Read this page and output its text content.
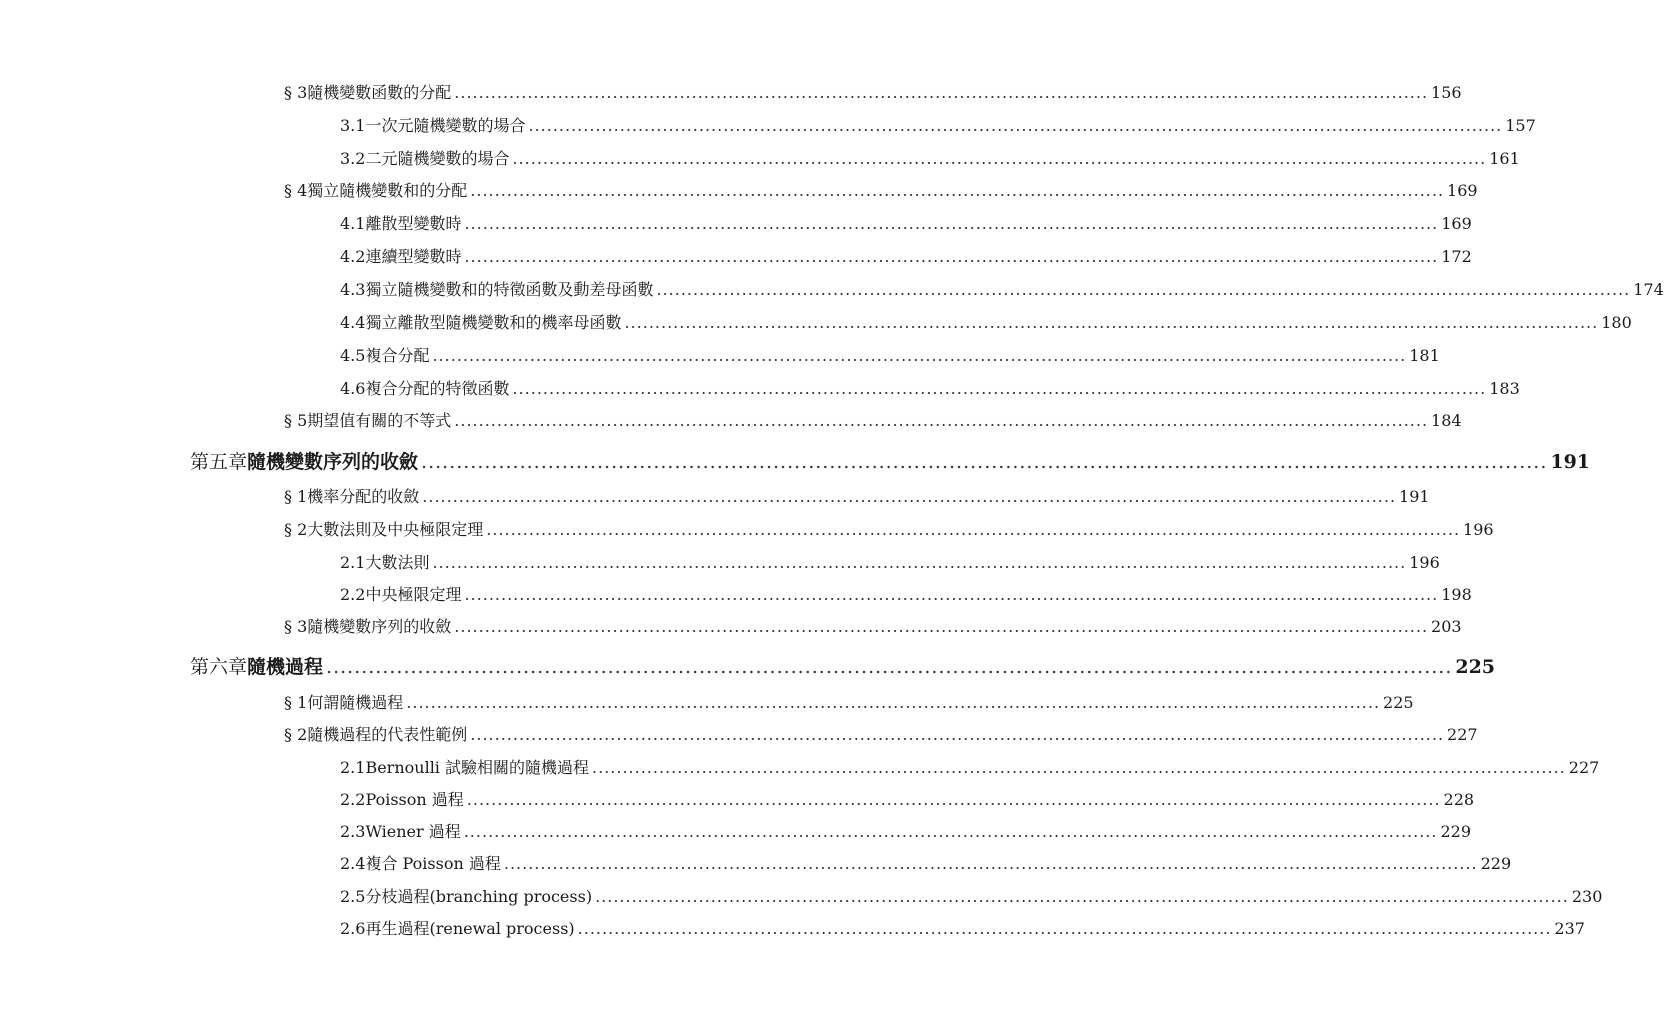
§ 3 隨機變數函數的分配 ................................................................................................................................................................ 156
3.1 一次元隨機變數的場合 ................................................................................................................................................................ 157
3.2 二元隨機變數的場合 ................................................................................................................................................................ 161
§ 4 獨立隨機變數和的分配 ................................................................................................................................................................ 169
4.1 離散型變數時 ................................................................................................................................................................ 169
4.2 連續型變數時 ................................................................................................................................................................ 172
4.3 獨立隨機變數和的特徵函數及動差母函數 ................................................................................................................................................................ 174
4.4 獨立離散型隨機變數和的機率母函數 ................................................................................................................................................................ 180
4.5 複合分配 ................................................................................................................................................................ 181
4.6 複合分配的特徵函數 ................................................................................................................................................................ 183
§ 5 期望值有關的不等式 ................................................................................................................................................................ 184
第五章 隨機變數序列的收斂 ................................................................................................................................................................ 191
§ 1 機率分配的收斂 ................................................................................................................................................................ 191
§ 2 大數法則及中央極限定理 ................................................................................................................................................................ 196
2.1 大數法則 ................................................................................................................................................................ 196
2.2 中央極限定理 ................................................................................................................................................................ 198
§ 3 隨機變數序列的收斂 ................................................................................................................................................................ 203
第六章 隨機過程 ................................................................................................................................................................ 225
§ 1 何謂隨機過程 ................................................................................................................................................................ 225
§ 2 隨機過程的代表性範例 ................................................................................................................................................................ 227
2.1 Bernoulli 試驗相關的隨機過程 ................................................................................................................................................................ 227
2.2 Poisson 過程 ................................................................................................................................................................ 228
2.3 Wiener 過程 ................................................................................................................................................................ 229
2.4 複合 Poisson 過程 ................................................................................................................................................................ 229
2.5 分枝過程(branching process) ................................................................................................................................................................ 230
2.6 再生過程(renewal process) ................................................................................................................................................................ 237
